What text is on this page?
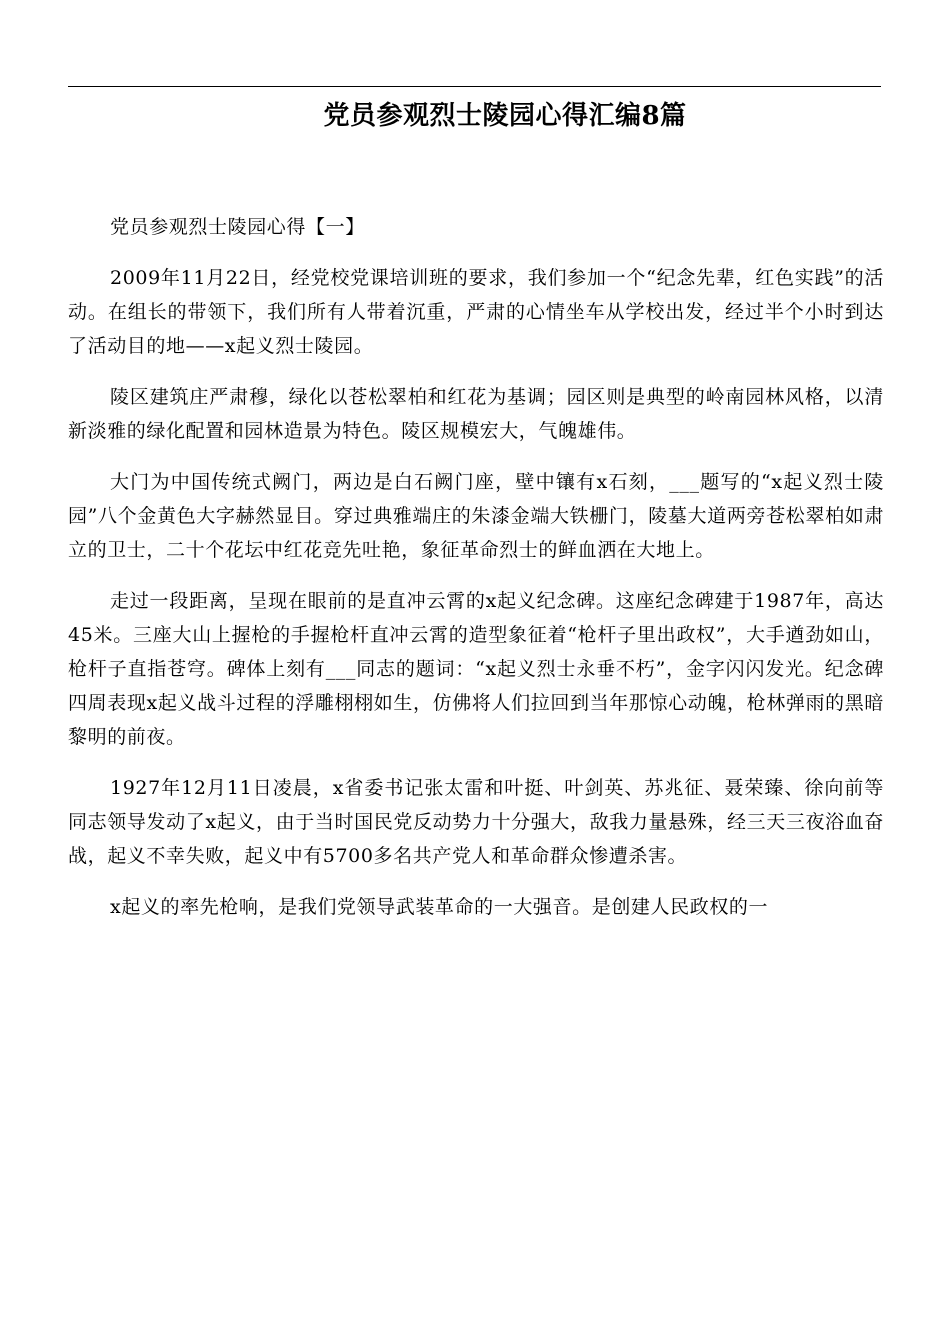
党员参观烈士陵园心得汇编8篇

党员参观烈士陵园心得【一】

2009年11月22日，经党校党课培训班的要求，我们参加一个“纪念先辈，红色实践”的活动。在组长的带领下，我们所有人带着沉重，严肃的心情坐车从学校出发，经过半个小时到达了活动目的地——x起义烈士陵园。

陵区建筑庄严肃穆，绿化以苍松翠柏和红花为基调；园区则是典型的岭南园林风格，以清新淡雅的绿化配置和园林造景为特色。陵区规模宏大，气魄雄伟。

大门为中国传统式阙门，两边是白石阙门座，壁中镶有x石刻，___题写的“x起义烈士陵园”八个金黄色大字赫然显目。穿过典雅端庄的朱漆金端大铁栅门，陵墓大道两旁苍松翠柏如肃立的卫士，二十个花坛中红花竞先吐艳，象征革命烈士的鲜血洒在大地上。

走过一段距离，呈现在眼前的是直冲云霄的x起义纪念碑。这座纪念碑建于1987年，高达45米。三座大山上握枪的手握枪杆直冲云霄的造型象征着“枪杆子里出政权”，大手遒劲如山，枪杆子直指苍穹。碑体上刻有___同志的题词：“x起义烈士永垂不朽”，金字闪闪发光。纪念碑四周表现x起义战斗过程的浮雕栩栩如生，仿佛将人们拉回到当年那惊心动魄，枪林弹雨的黑暗黎明的前夜。

1927年12月11日凌晨，x省委书记张太雷和叶挺、叶剑英、苏兆征、聂荣臻、徐向前等同志领导发动了x起义，由于当时国民党反动势力十分强大，敌我力量悬殊，经三天三夜浴血奋战，起义不幸失败，起义中有5700多名共产党人和革命群众惨遭杀害。

x起义的率先枪响，是我们党领导武装革命的一大强音。是创建人民政权的一
